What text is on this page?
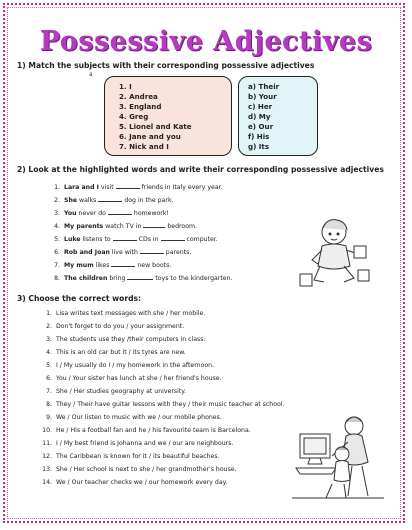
Possessive Adjectives
1) Match the subjects with their corresponding possessive adjectives
a
1. I
2. Andrea
3. England
4. Greg
5. Lionel and Kate
6. Jane and you
7. Nick and I
a) Their
b) Your
c) Her
d) My
e) Our
f) His
g) Its
2) Look at the highlighted words and write their corresponding possessive adjectives
1. Lara and I visit	friends in Italy every year.
2. She walks	dog in the park.
3. You never do	homework!
4. My parents watch TV in	bedroom.
5. Luke listens to	CDs in	computer.
6. Rob and Joan live with	parents.
7. My mum likes	new boots.
8. The children bring	toys to the kindergarten.
3) Choose the correct words:
1. Lisa writes text messages with she / her mobile.
2. Don't forget to do you / your assignment.
3. The students use they /their computers in class.
4. This is an old car but it / its tyres are new.
5. I / My usually do I / my homework in the afternoon.
6. You / Your sister has lunch at she / her friend's house.
7. She / Her studies geography at university.
8. They / Their have guitar lessons with they / their music teacher at school.
9. We / Our listen to music with we / our mobile phones.
10. He / His a football fan and he / his favourite team is Barcelona.
11. I / My best friend is Johanna and we / our are neighbours.
12. The Caribbean is known for it / its beautiful beaches.
13. She / Her school is next to she / her grandmother's house.
14. We / Our teacher checks we / our homework every day.
